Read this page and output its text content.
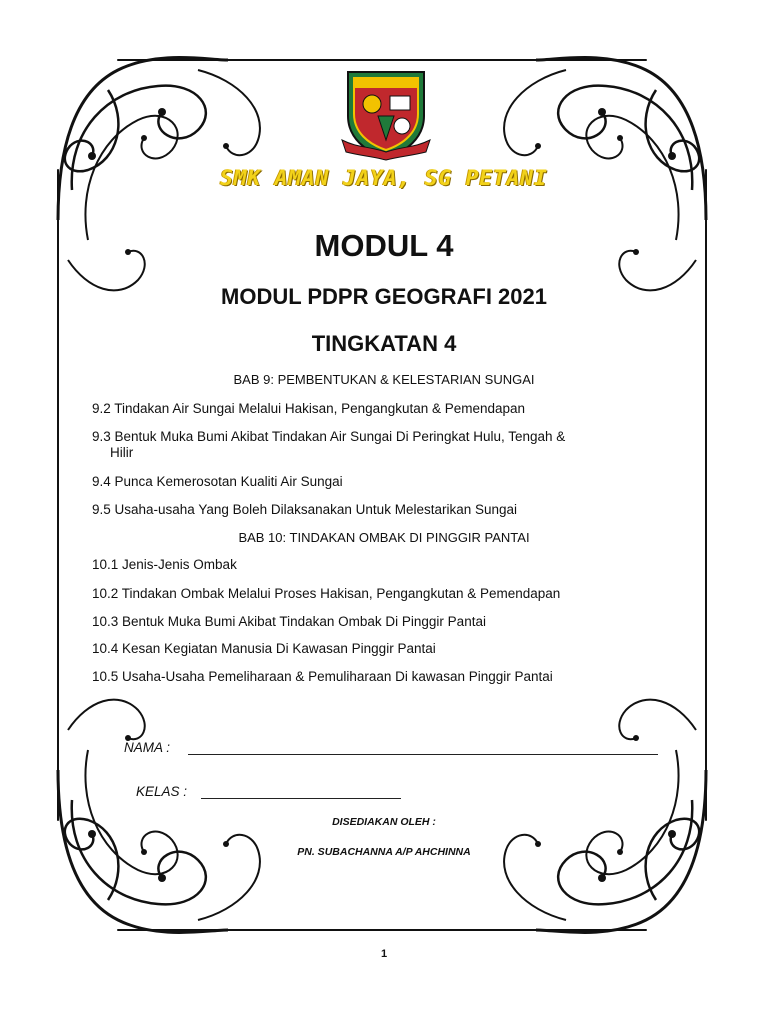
SMK AMAN JAYA, SG PETANI
MODUL 4
MODUL PDPR GEOGRAFI 2021
TINGKATAN 4
BAB 9: PEMBENTUKAN & KELESTARIAN SUNGAI
9.2 Tindakan Air Sungai Melalui Hakisan, Pengangkutan & Pemendapan
9.3 Bentuk Muka Bumi Akibat Tindakan Air Sungai Di Peringkat Hulu, Tengah &
Hilir
9.4 Punca Kemerosotan Kualiti Air Sungai
9.5 Usaha-usaha Yang Boleh Dilaksanakan Untuk Melestarikan Sungai
BAB 10: TINDAKAN OMBAK DI PINGGIR PANTAI
10.1 Jenis-Jenis Ombak
10.2 Tindakan Ombak Melalui Proses Hakisan, Pengangkutan & Pemendapan
10.3 Bentuk Muka Bumi Akibat Tindakan Ombak Di Pinggir Pantai
10.4 Kesan Kegiatan Manusia Di Kawasan Pinggir Pantai
10.5 Usaha-Usaha Pemeliharaan & Pemuliharaan Di kawasan Pinggir Pantai
NAMA :
KELAS :
DISEDIAKAN OLEH :
PN. SUBACHANNA A/P AHCHINNA
1
